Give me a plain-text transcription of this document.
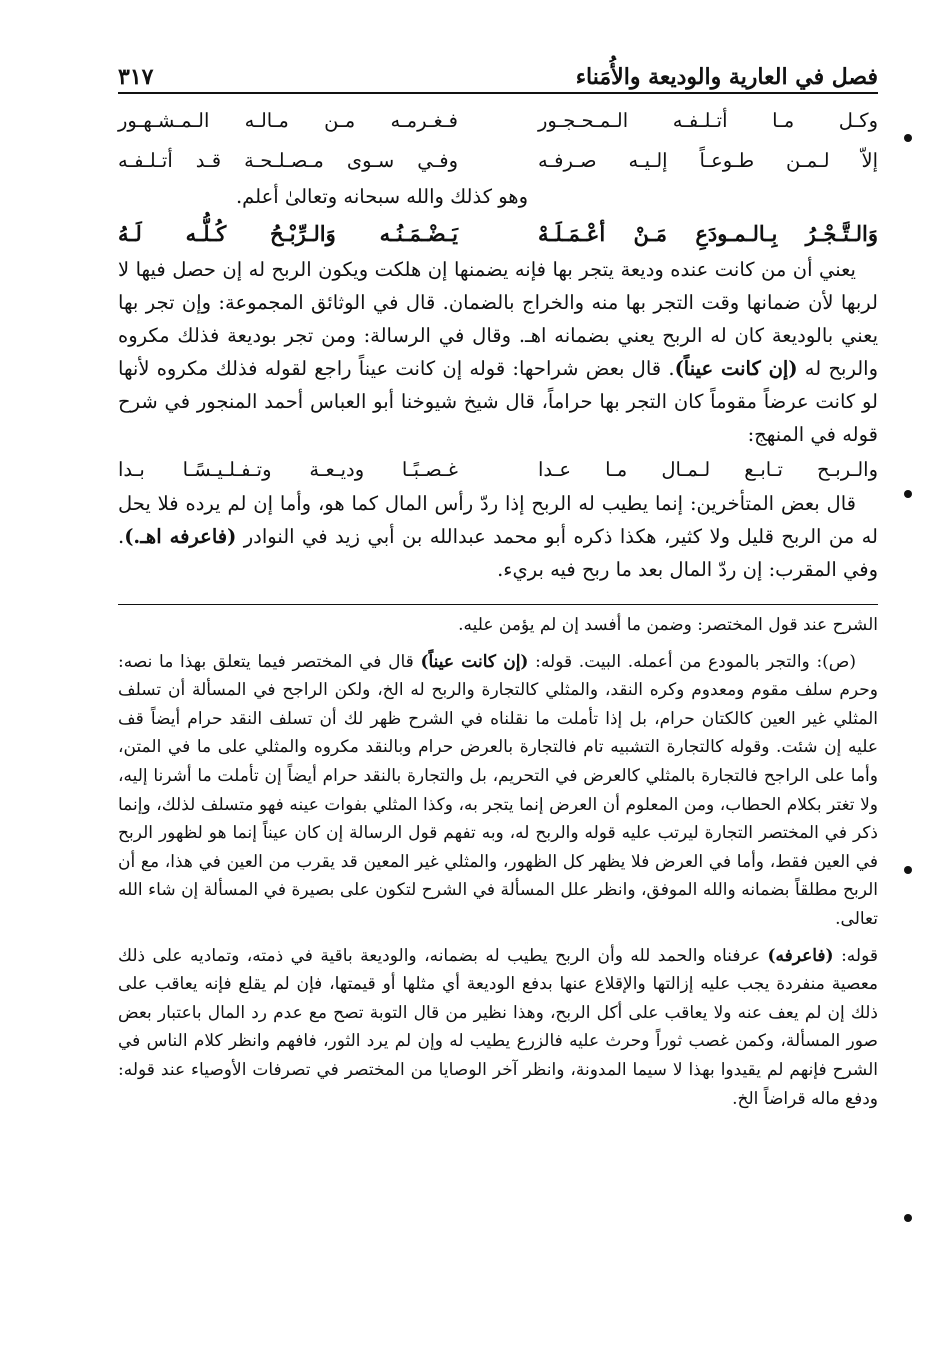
فصل في العارية والوديعة والأُمَناء
٣١٧
وكـل مـا أتـلـفـه الـمـحـجـور
فـغـرمـه مـن مـالـه الـمـشـهـور
إلاّ لـمـن طـوعـاً إلـيـه صـرفـه
وفـي سـوى مـصـلـحـة قـد أتـلـفـه
وهو كذلك والله سبحانه وتعالىٰ أعلم.
وَالـتَّـجْـرُ بِـالـمـودَعِ مَـنْ أعْـمَـلَـهْ
يَـضْـمَـنُـه وَالـرِّبْـحُ كُـلُّـه لَـهُ

يعني أن من كانت عنده وديعة يتجر بها فإنه يضمنها إن هلكت ويكون الربح له إن حصل فيها لا لربها لأن ضمانها وقت التجر بها منه والخراج بالضمان. قال في الوثائق المجموعة: وإن تجر بها يعني بالوديعة كان له الربح يعني بضمانه اهـ. وقال في الرسالة: ومن تجر بوديعة فذلك مكروه والربح له (إن كانت عيناً). قال بعض شراحها: قوله إن كانت عيناً راجع لقوله فذلك مكروه لأنها لو كانت عرضاً مقوماً كان التجر بها حراماً، قال شيخ شيوخنا أبو العباس أحمد المنجور في شرح قوله في المنهج:

والـربـح تـابـع لـمـال مـا عـدا
غـصـبًـا وديـعـة وتـفـلـيـسًـا بـدا

قال بعض المتأخرين: إنما يطيب له الربح إذا ردّ رأس المال كما هو، وأما إن لم يرده فلا يحل له من الربح قليل ولا كثير، هكذا ذكره أبو محمد عبدالله بن أبي زيد في النوادر (فاعرفه اهـ.). وفي المقرب: إن ردّ المال بعد ما ربح فيه بريء.

الشرح عند قول المختصر: وضمن ما أفسد إن لم يؤمن عليه.

(ص): والتجر بالمودع من أعمله. البيت. قوله: (إن كانت عيناً) قال في المختصر فيما يتعلق بهذا ما نصه: وحرم سلف مقوم ومعدوم وكره النقد، والمثلي كالتجارة والربح له الخ، ولكن الراجح في المسألة أن تسلف المثلي غير العين كالكتان حرام، بل إذا تأملت ما نقلناه في الشرح ظهر لك أن تسلف النقد حرام أيضاً قف عليه إن شئت. وقوله كالتجارة التشبيه تام فالتجارة بالعرض حرام وبالنقد مكروه والمثلي على ما في المتن، وأما على الراجح فالتجارة بالمثلي كالعرض في التحريم، بل والتجارة بالنقد حرام أيضاً إن تأملت ما أشرنا إليه، ولا تغتر بكلام الحطاب، ومن المعلوم أن العرض إنما يتجر به، وكذا المثلي بفوات عينه فهو متسلف لذلك، وإنما ذكر في المختصر التجارة ليرتب عليه قوله والربح له، وبه تفهم قول الرسالة إن كان عيناً إنما هو لظهور الربح في العين فقط، وأما في العرض فلا يظهر كل الظهور، والمثلي غير المعين قد يقرب من العين في هذا، مع أن الربح مطلقاً بضمانه والله الموفق، وانظر علل المسألة في الشرح لتكون على بصيرة في المسألة إن شاء الله تعالى.

قوله: (فاعرفه) عرفناه والحمد لله وأن الربح يطيب له بضمانه، والوديعة باقية في ذمته، وتماديه على ذلك معصية منفردة يجب عليه إزالتها والإقلاع عنها بدفع الوديعة أي مثلها أو قيمتها، فإن لم يقلع فإنه يعاقب على ذلك إن لم يعف عنه ولا يعاقب على أكل الربح، وهذا نظير من قال التوبة تصح مع عدم رد المال باعتبار بعض صور المسألة، وكمن غصب ثوراً وحرث عليه فالزرع يطيب له وإن لم يرد الثور، فافهم وانظر كلام الناس في الشرح فإنهم لم يقيدوا بهذا لا سيما المدونة، وانظر آخر الوصايا من المختصر في تصرفات الأوصياء عند قوله: ودفع ماله قراضاً الخ.
